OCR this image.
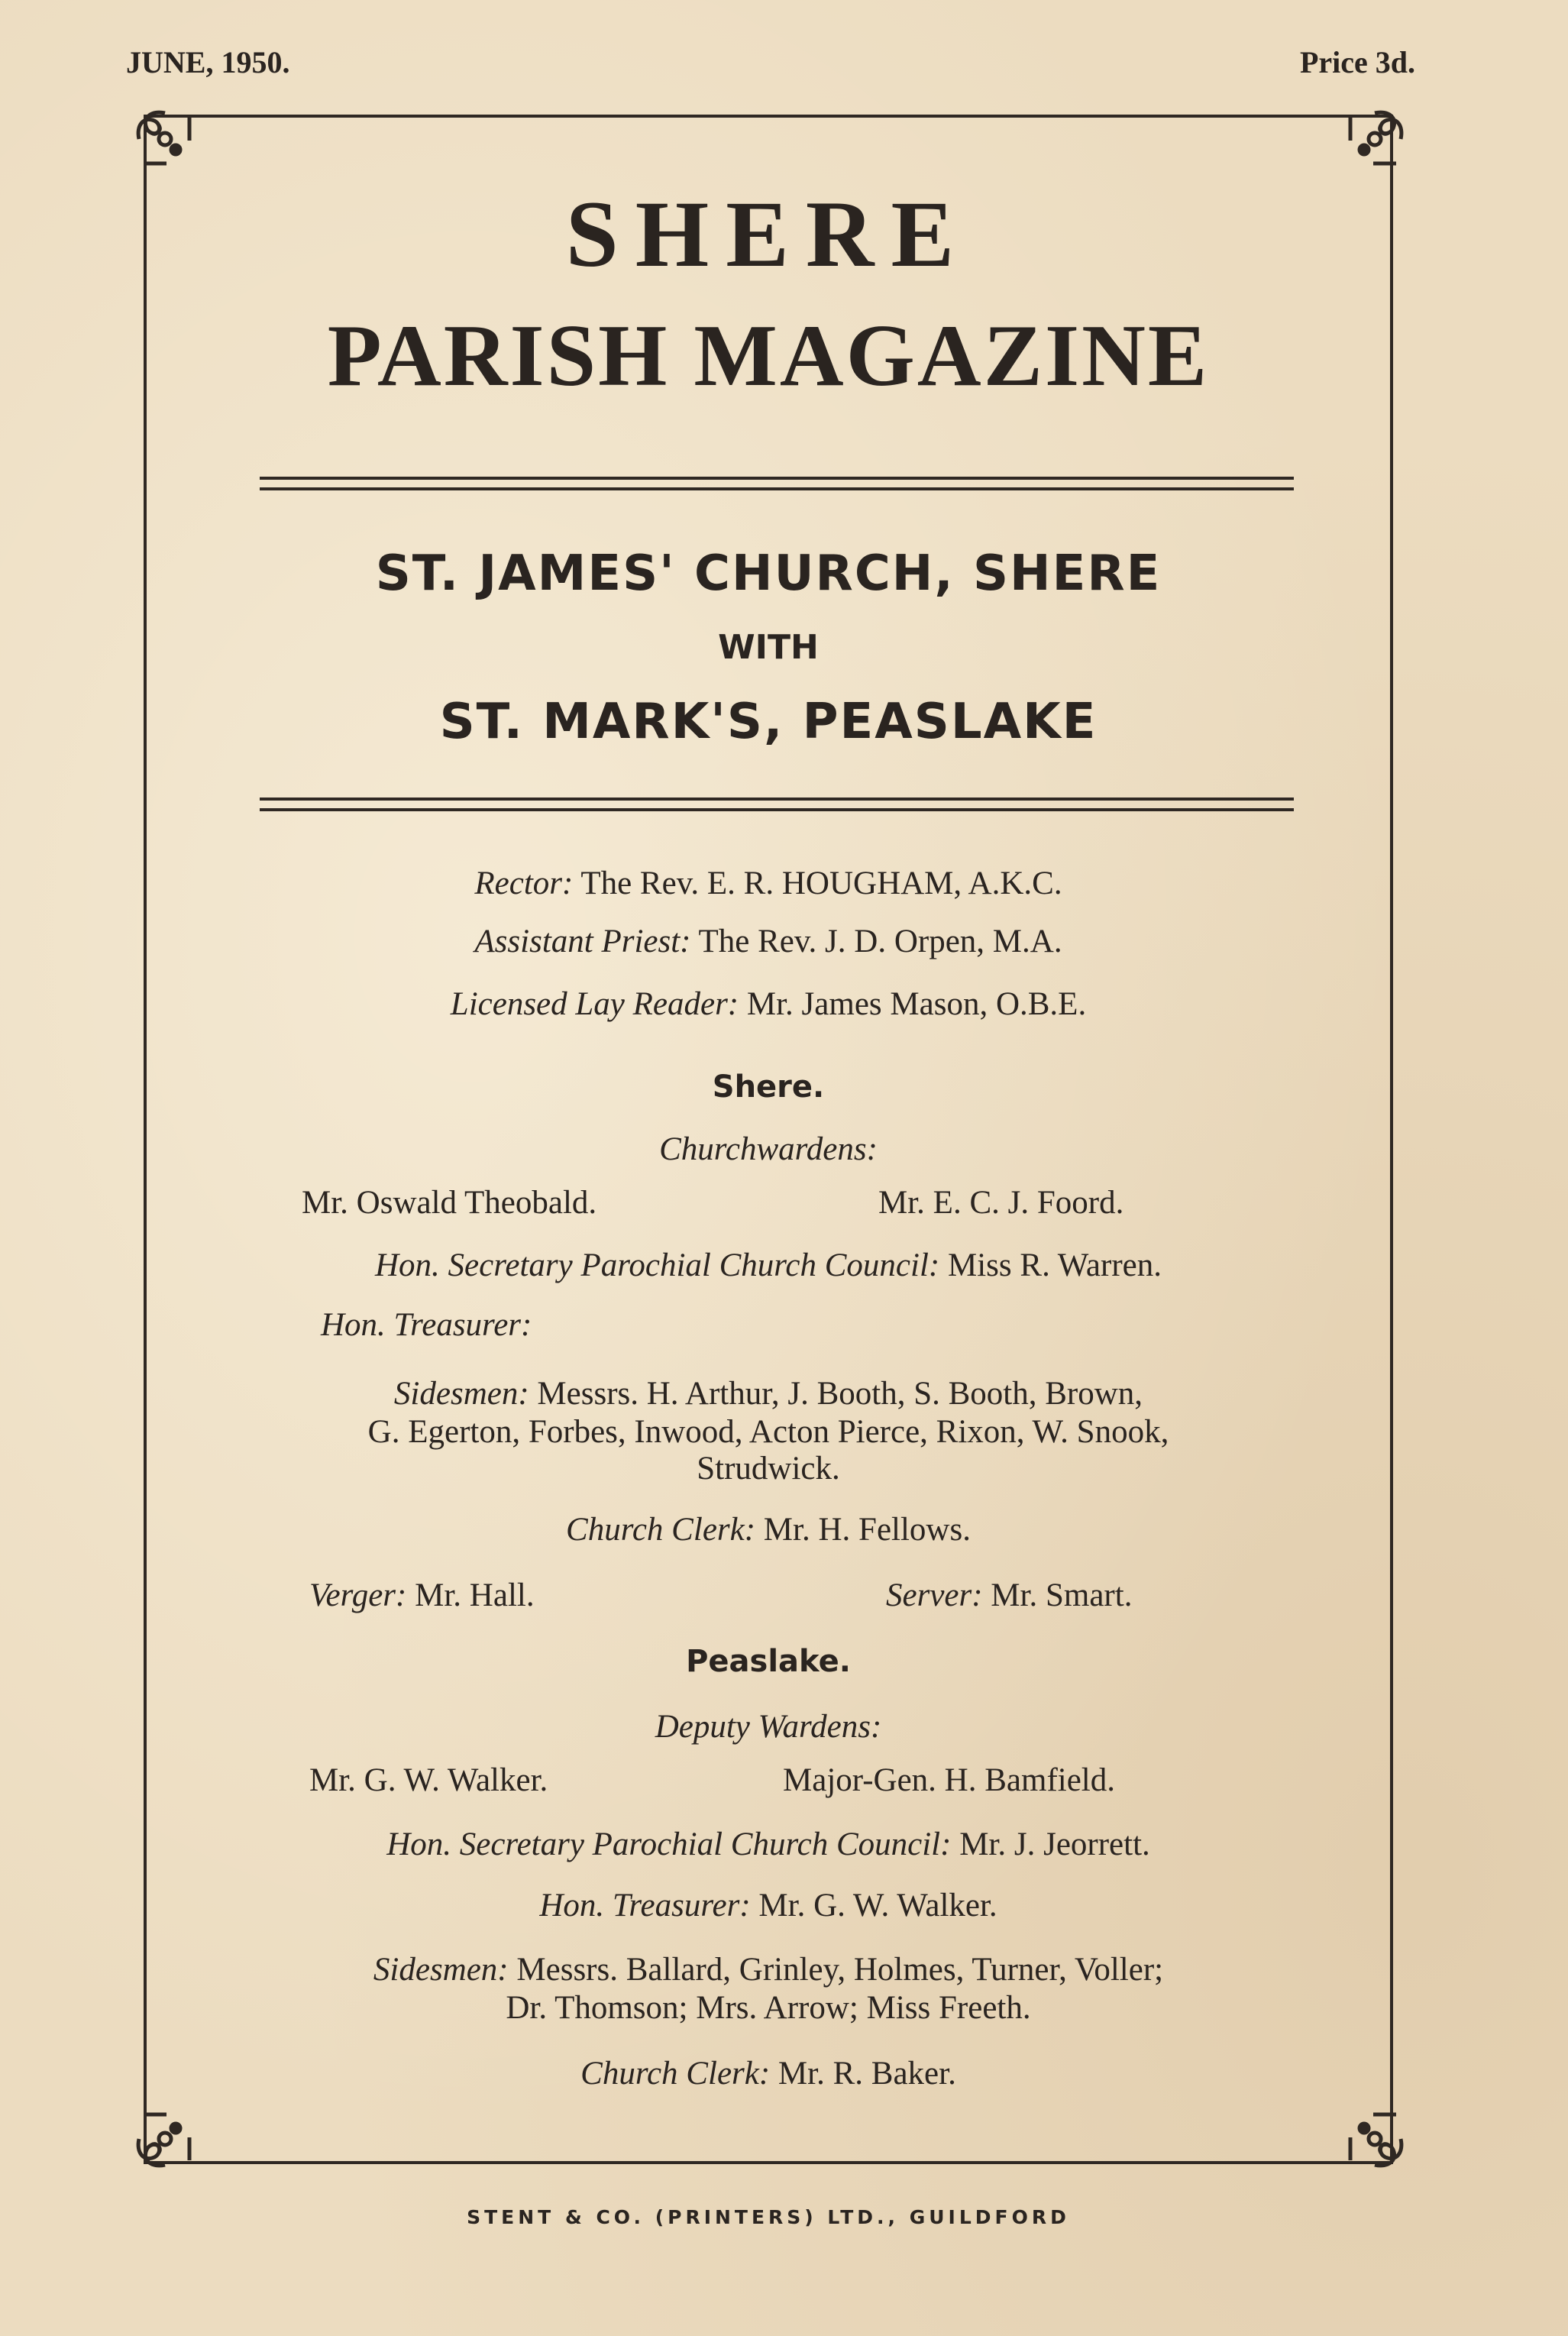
JUNE, 1950.	Price 3d.
SHERE
PARISH MAGAZINE
ST. JAMES' CHURCH, SHERE
WITH
ST. MARK'S, PEASLAKE
Rector: The Rev. E. R. HOUGHAM, A.K.C.
Assistant Priest: The Rev. J. D. Orpen, M.A.
Licensed Lay Reader: Mr. James Mason, O.B.E.
Shere.
Churchwardens:
Mr. Oswald Theobald.	Mr. E. C. J. Foord.
Hon. Secretary Parochial Church Council: Miss R. Warren.
Hon. Treasurer:
Sidesmen: Messrs. H. Arthur, J. Booth, S. Booth, Brown,
G. Egerton, Forbes, Inwood, Acton Pierce, Rixon, W. Snook,
Strudwick.
Church Clerk: Mr. H. Fellows.
Verger: Mr. Hall.	Server: Mr. Smart.
Peaslake.
Deputy Wardens:
Mr. G. W. Walker.	Major-Gen. H. Bamfield.
Hon. Secretary Parochial Church Council: Mr. J. Jeorrett.
Hon. Treasurer: Mr. G. W. Walker.
Sidesmen: Messrs. Ballard, Grinley, Holmes, Turner, Voller;
Dr. Thomson; Mrs. Arrow; Miss Freeth.
Church Clerk: Mr. R. Baker.
STENT & CO. (PRINTERS) LTD., GUILDFORD
